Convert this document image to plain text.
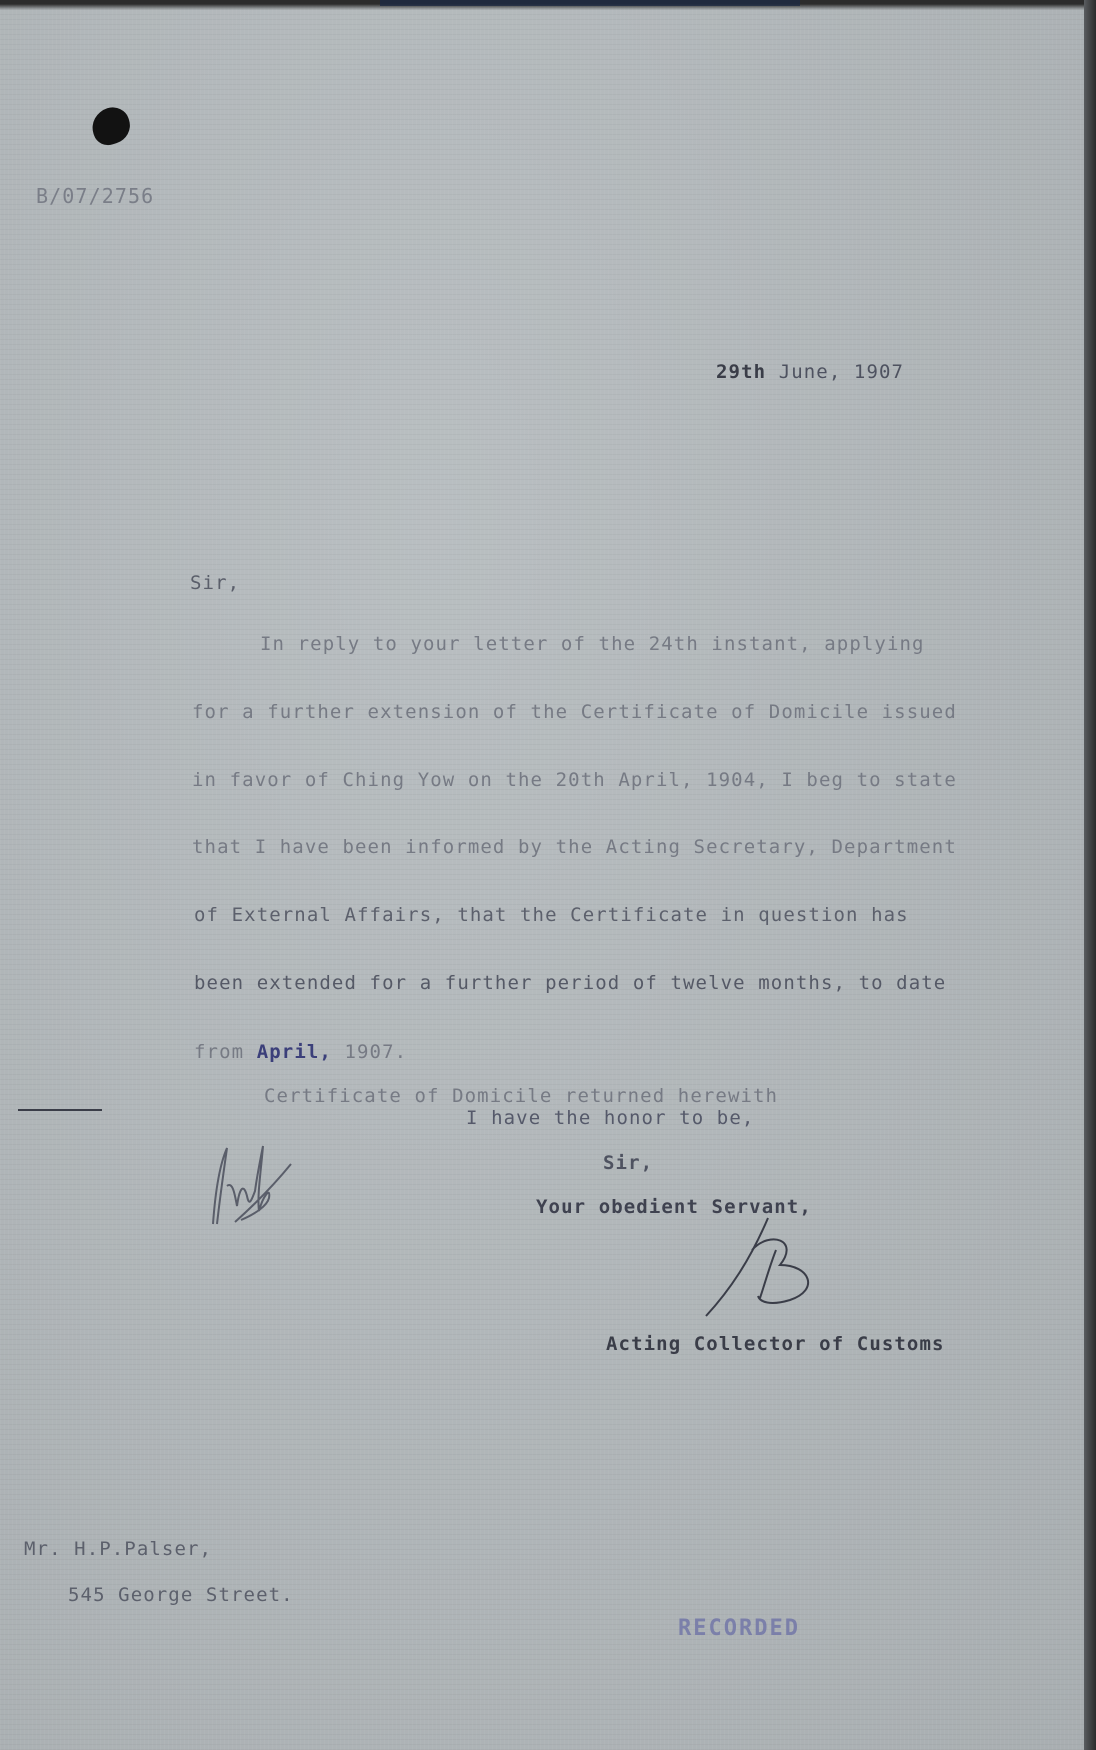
B/07/2756
29th June, 1907
Sir,
In reply to your letter of the 24th instant, applying
for a further extension of the Certificate of Domicile issued
in favor of Ching Yow on the 20th April, 1904, I beg to state
that I have been informed by the Acting Secretary, Department
of External Affairs, that the Certificate in question has
been extended for a further period of twelve months, to date
from April, 1907.
Certificate of Domicile returned herewith
I have the honor to be,
Sir,
Your obedient Servant,
Acting Collector of Customs
Mr. H.P.Palser,
545 George Street.
RECORDED
